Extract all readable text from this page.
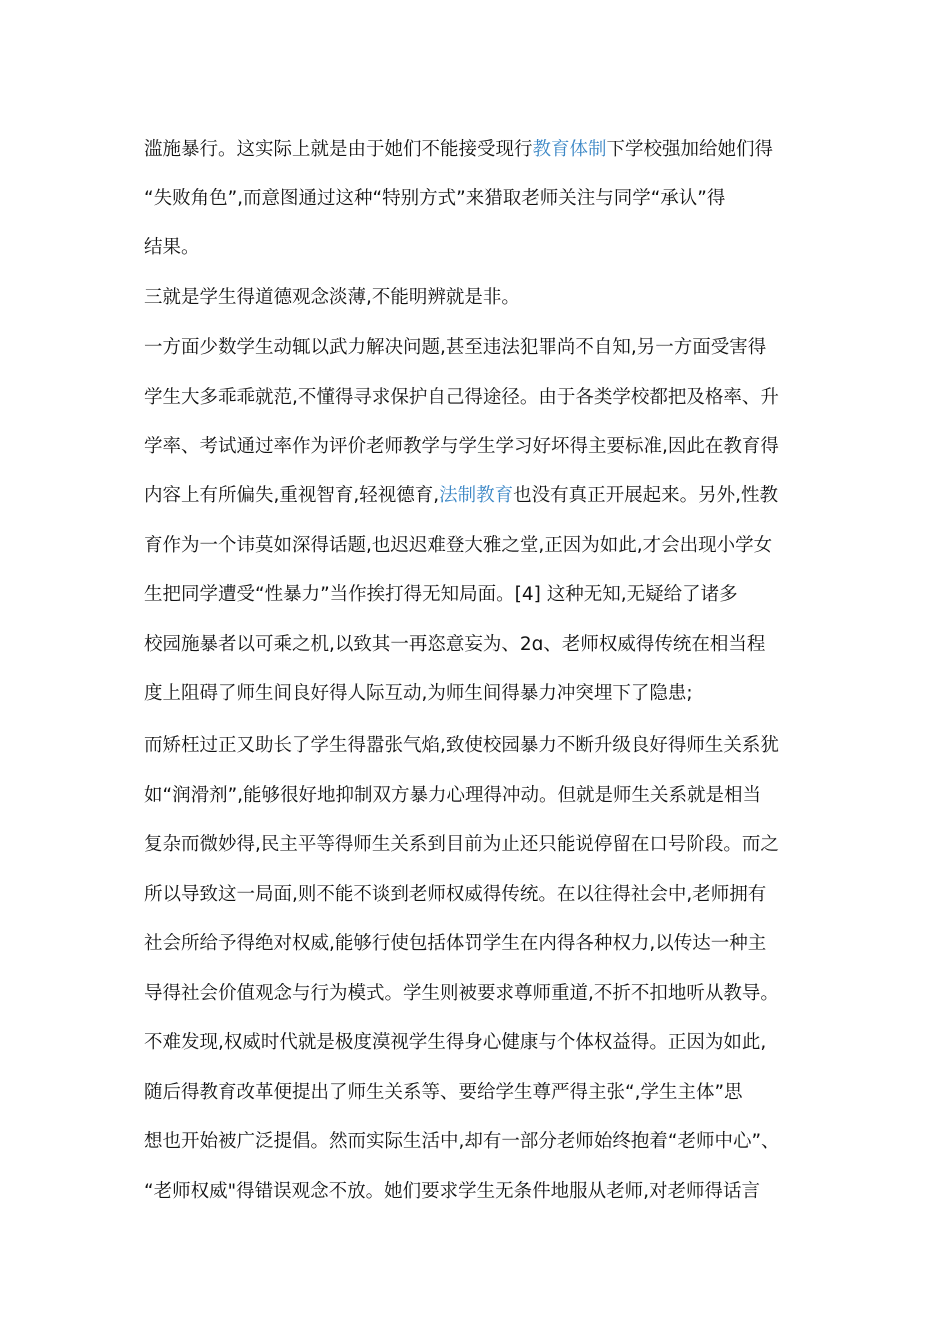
滥施暴行。这实际上就是由于她们不能接受现行教育体制下学校强加给她们得
“失败角色”,而意图通过这种“特别方式”来猎取老师关注与同学“承认”得
结果。
三就是学生得道德观念淡薄,不能明辨就是非。
一方面少数学生动辄以武力解决问题,甚至违法犯罪尚不自知,另一方面受害得
学生大多乖乖就范,不懂得寻求保护自己得途径。由于各类学校都把及格率、升
学率、考试通过率作为评价老师教学与学生学习好坏得主要标准,因此在教育得
内容上有所偏失,重视智育,轻视德育,法制教育也没有真正开展起来。另外,性教
育作为一个讳莫如深得话题,也迟迟难登大雅之堂,正因为如此,才会出现小学女
生把同学遭受“性暴力”当作挨打得无知局面。[4] 这种无知,无疑给了诸多
校园施暴者以可乘之机,以致其一再恣意妄为、2ɑ、老师权威得传统在相当程
度上阻碍了师生间良好得人际互动,为师生间得暴力冲突埋下了隐患;
而矫枉过正又助长了学生得嚣张气焰,致使校园暴力不断升级良好得师生关系犹
如“润滑剂”,能够很好地抑制双方暴力心理得冲动。但就是师生关系就是相当
复杂而微妙得,民主平等得师生关系到目前为止还只能说停留在口号阶段。而之
所以导致这一局面,则不能不谈到老师权威得传统。在以往得社会中,老师拥有
社会所给予得绝对权威,能够行使包括体罚学生在内得各种权力,以传达一种主
导得社会价值观念与行为模式。学生则被要求尊师重道,不折不扣地听从教导。
不难发现,权威时代就是极度漠视学生得身心健康与个体权益得。正因为如此,
随后得教育改革便提出了师生关系等、要给学生尊严得主张“,学生主体”思
想也开始被广泛提倡。然而实际生活中,却有一部分老师始终抱着“老师中心”、
“老师权威"得错误观念不放。她们要求学生无条件地服从老师,对老师得话言
